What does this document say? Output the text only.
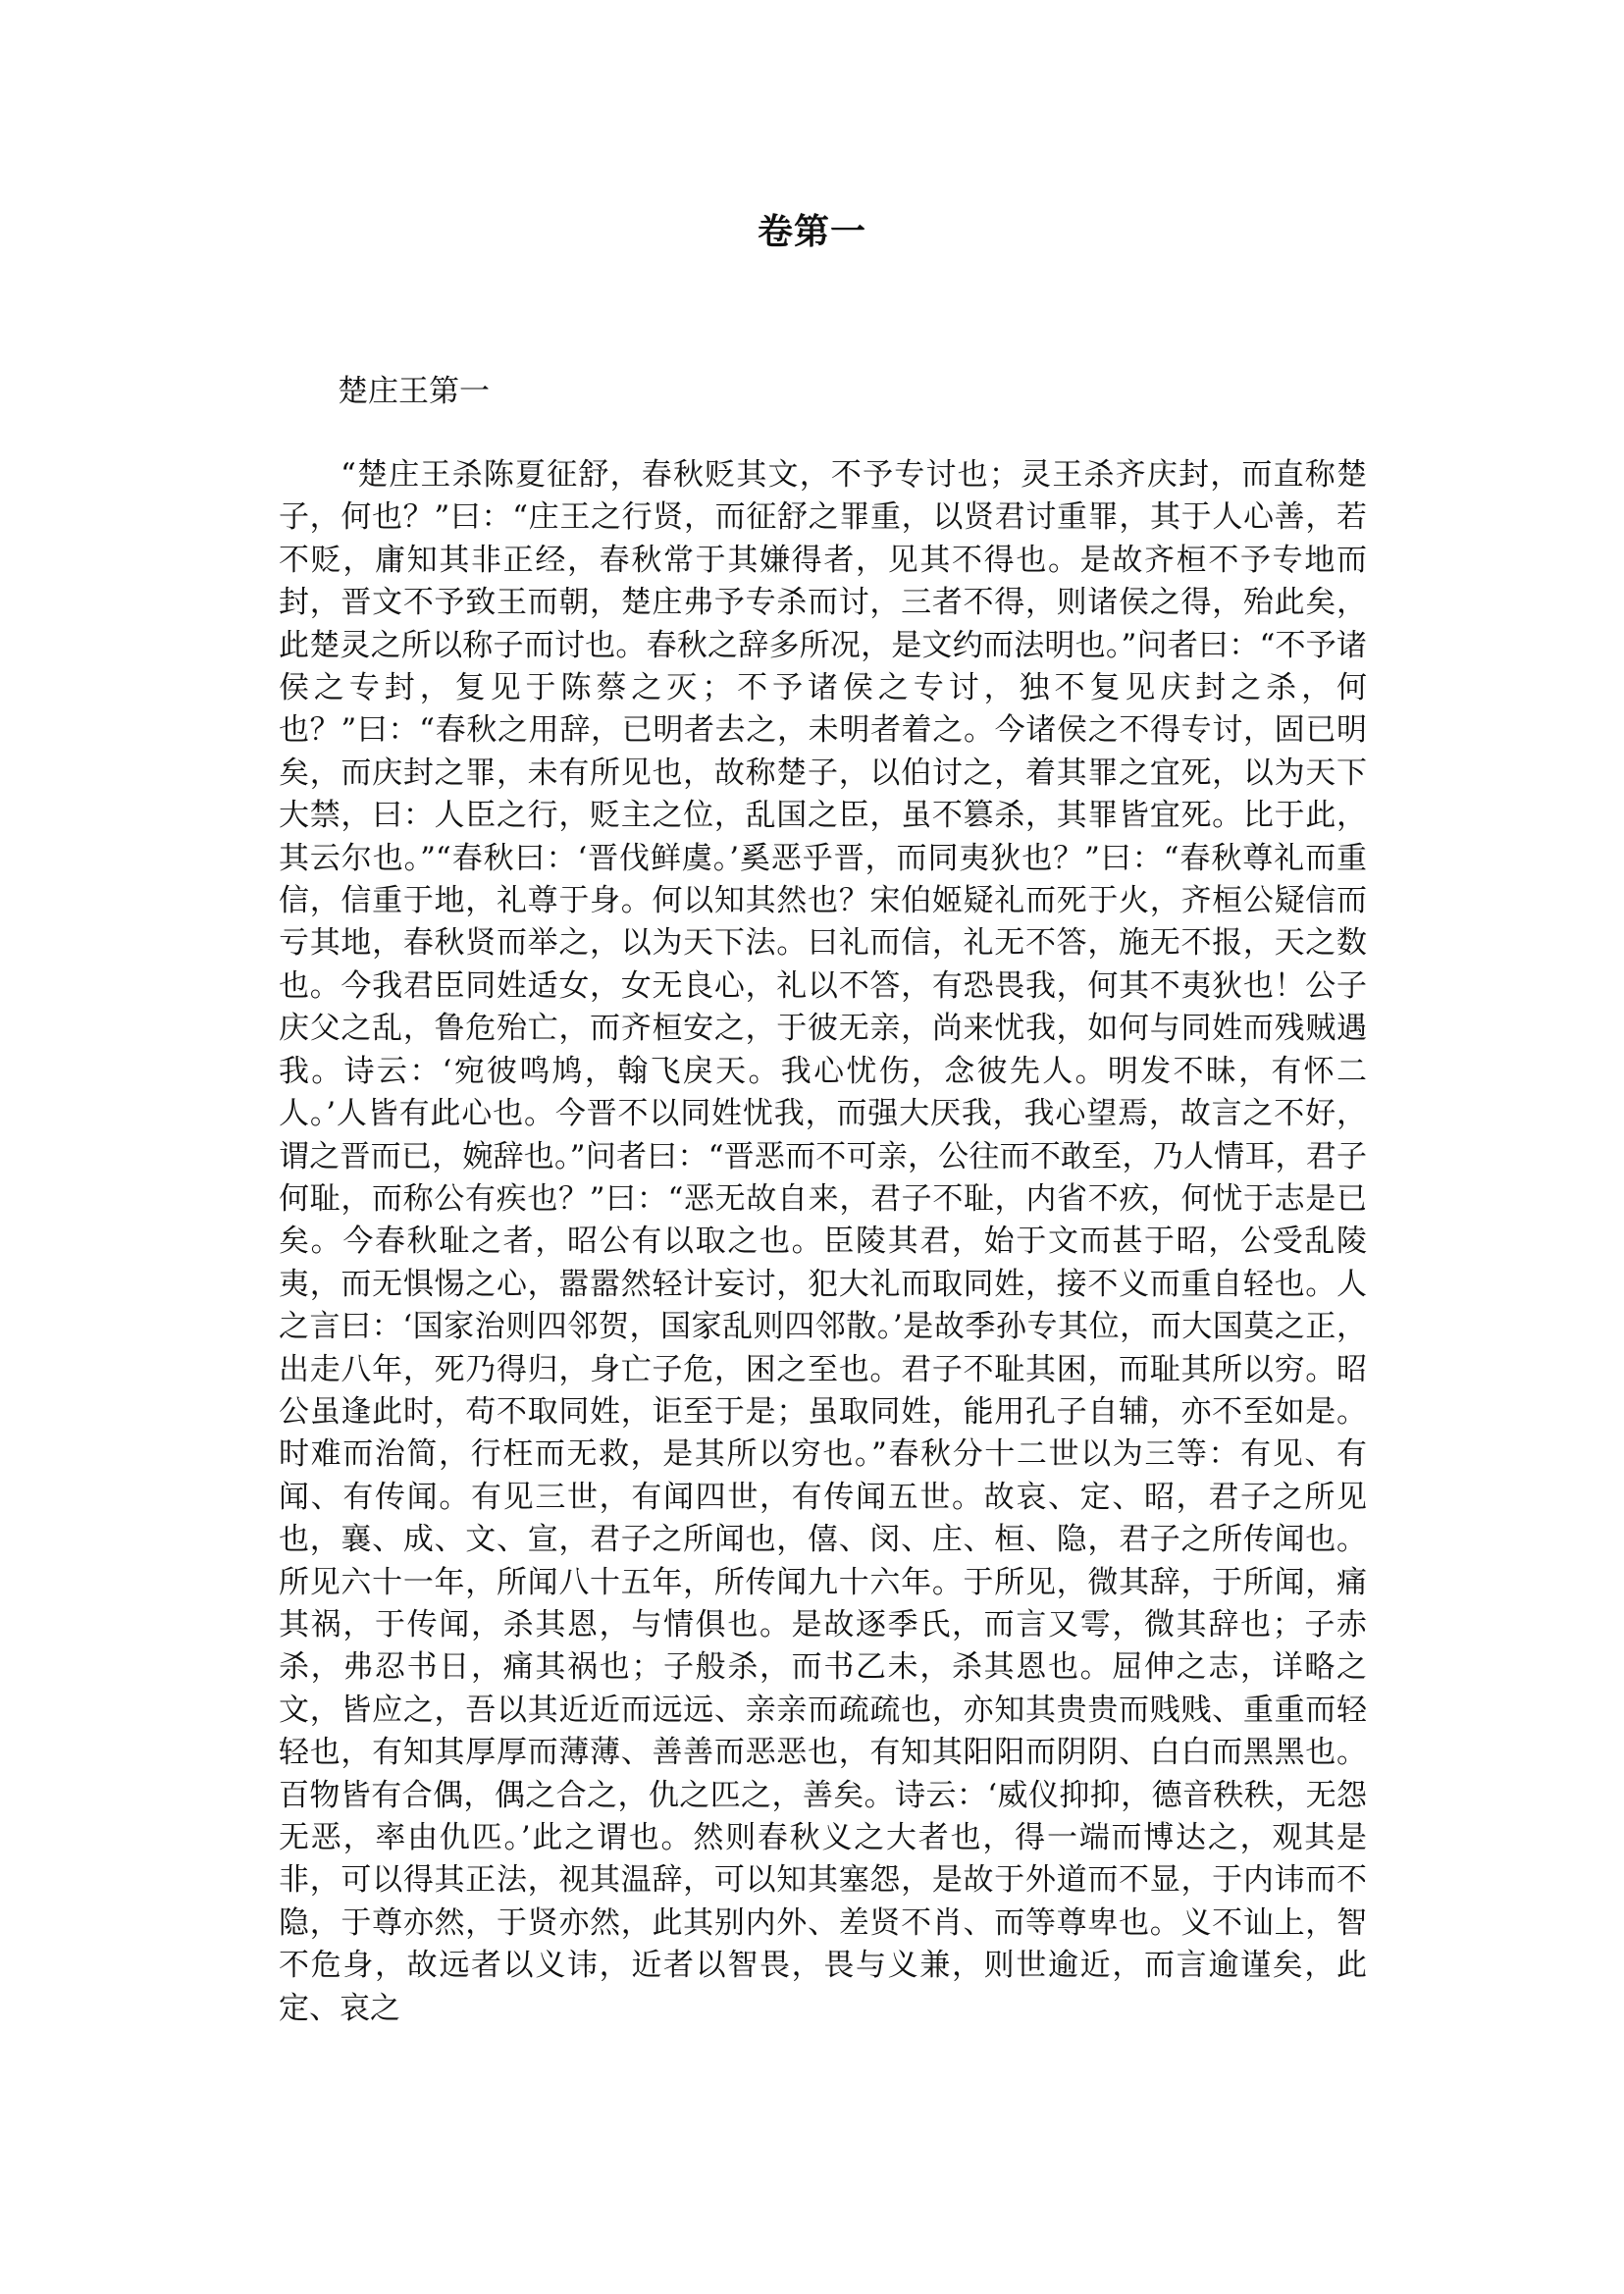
卷第一
楚庄王第一

“楚庄王杀陈夏征舒，春秋贬其文，不予专讨也；灵王杀齐庆封，而直称楚子，何也？”曰：“庄王之行贤，而征舒之罪重，以贤君讨重罪，其于人心善，若不贬，庸知其非正经，春秋常于其嫌得者，见其不得也。是故齐桓不予专地而封，晋文不予致王而朝，楚庄弗予专杀而讨，三者不得，则诸侯之得，殆此矣，此楚灵之所以称子而讨也。春秋之辞多所况，是文约而法明也。”问者曰：“不予诸侯之专封，复见于陈蔡之灭；不予诸侯之专讨，独不复见庆封之杀，何也？”曰：“春秋之用辞，已明者去之，未明者着之。今诸侯之不得专讨，固已明矣，而庆封之罪，未有所见也，故称楚子，以伯讨之，着其罪之宜死，以为天下大禁，曰：人臣之行，贬主之位，乱国之臣，虽不篡杀，其罪皆宜死。比于此，其云尔也。”“春秋曰：‘晋伐鲜虞。’奚恶乎晋，而同夷狄也？”曰：“春秋尊礼而重信，信重于地，礼尊于身。何以知其然也？宋伯姬疑礼而死于火，齐桓公疑信而亏其地，春秋贤而举之，以为天下法。曰礼而信，礼无不答，施无不报，天之数也。今我君臣同姓适女，女无良心，礼以不答，有恐畏我，何其不夷狄也！公子庆父之乱，鲁危殆亡，而齐桓安之，于彼无亲，尚来忧我，如何与同姓而残贼遇我。诗云：‘宛彼鸣鸠，翰飞戾天。我心忧伤，念彼先人。明发不昧，有怀二人。’人皆有此心也。今晋不以同姓忧我，而强大厌我，我心望焉，故言之不好，谓之晋而已，婉辞也。”问者曰：“晋恶而不可亲，公往而不敢至，乃人情耳，君子何耻，而称公有疾也？”曰：“恶无故自来，君子不耻，内省不疚，何忧于志是已矣。今春秋耻之者，昭公有以取之也。臣陵其君，始于文而甚于昭，公受乱陵夷，而无惧惕之心，嚣嚣然轻计妄讨，犯大礼而取同姓，接不义而重自轻也。人之言曰：‘国家治则四邻贺，国家乱则四邻散。’是故季孙专其位，而大国莫之正，出走八年，死乃得归，身亡子危，困之至也。君子不耻其困，而耻其所以穷。昭公虽逢此时，苟不取同姓，讵至于是；虽取同姓，能用孔子自辅，亦不至如是。时难而治简，行枉而无救，是其所以穷也。”春秋分十二世以为三等：有见、有闻、有传闻。有见三世，有闻四世，有传闻五世。故哀、定、昭，君子之所见也，襄、成、文、宣，君子之所闻也，僖、闵、庄、桓、隐，君子之所传闻也。所见六十一年，所闻八十五年，所传闻九十六年。于所见，微其辞，于所闻，痛其祸，于传闻，杀其恩，与情俱也。是故逐季氏，而言又雩，微其辞也；子赤杀，弗忍书日，痛其祸也；子般杀，而书乙未，杀其恩也。屈伸之志，详略之文，皆应之，吾以其近近而远远、亲亲而疏疏也，亦知其贵贵而贱贱、重重而轻轻也，有知其厚厚而薄薄、善善而恶恶也，有知其阳阳而阴阴、白白而黑黑也。百物皆有合偶，偶之合之，仇之匹之，善矣。诗云：‘威仪抑抑，德音秩秩，无怨无恶，率由仇匹。’此之谓也。然则春秋义之大者也，得一端而博达之，观其是非，可以得其正法，视其温辞，可以知其塞怨，是故于外道而不显，于内讳而不隐，于尊亦然，于贤亦然，此其别内外、差贤不肖、而等尊卑也。义不讪上，智不危身，故远者以义讳，近者以智畏，畏与义兼，则世逾近，而言逾谨矣，此定、哀之
